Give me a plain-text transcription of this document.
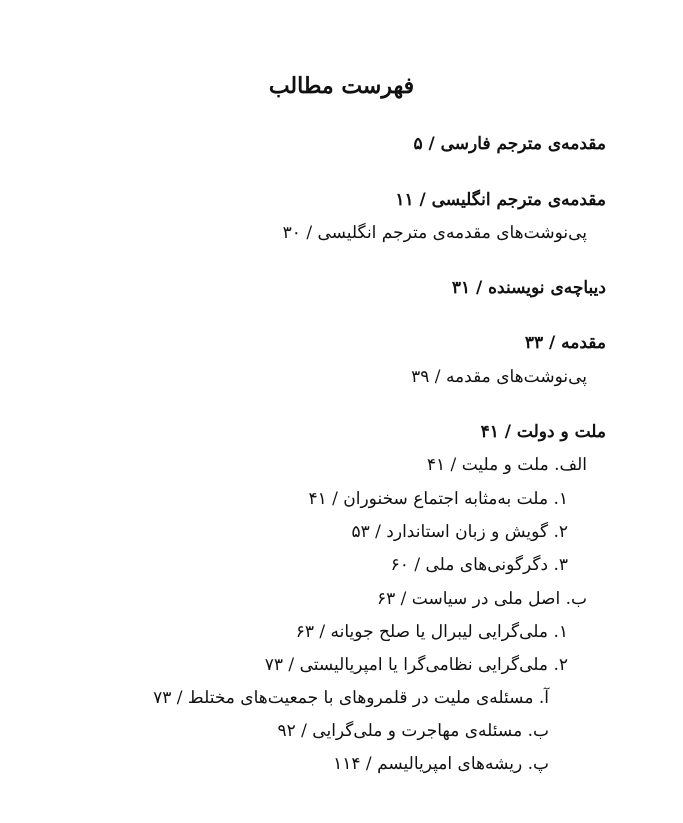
فهرست مطالب
مقدمه‌ی مترجم فارسی / ۵
مقدمه‌ی مترجم انگلیسی / ۱۱
پی‌نوشت‌های مقدمه‌ی مترجم انگلیسی / ۳۰
دیباچه‌ی نویسنده / ۳۱
مقدمه / ۳۳
پی‌نوشت‌های مقدمه / ۳۹
ملت و دولت / ۴۱
الف. ملت و ملیت / ۴۱
۱. ملت به‌مثابه اجتماع سخنوران / ۴۱
۲. گویش و زبان استاندارد / ۵۳
۳. دگرگونی‌های ملی / ۶۰
ب. اصل ملی در سیاست / ۶۳
۱. ملی‌گرایی لیبرال یا صلح جویانه / ۶۳
۲. ملی‌گرایی نظامی‌گرا یا امپریالیستی / ۷۳
آ. مسئله‌ی ملیت در قلمروهای با جمعیت‌های مختلط / ۷۳
ب. مسئله‌ی مهاجرت و ملی‌گرایی / ۹۲
پ. ریشه‌های امپریالیسم / ۱۱۴
